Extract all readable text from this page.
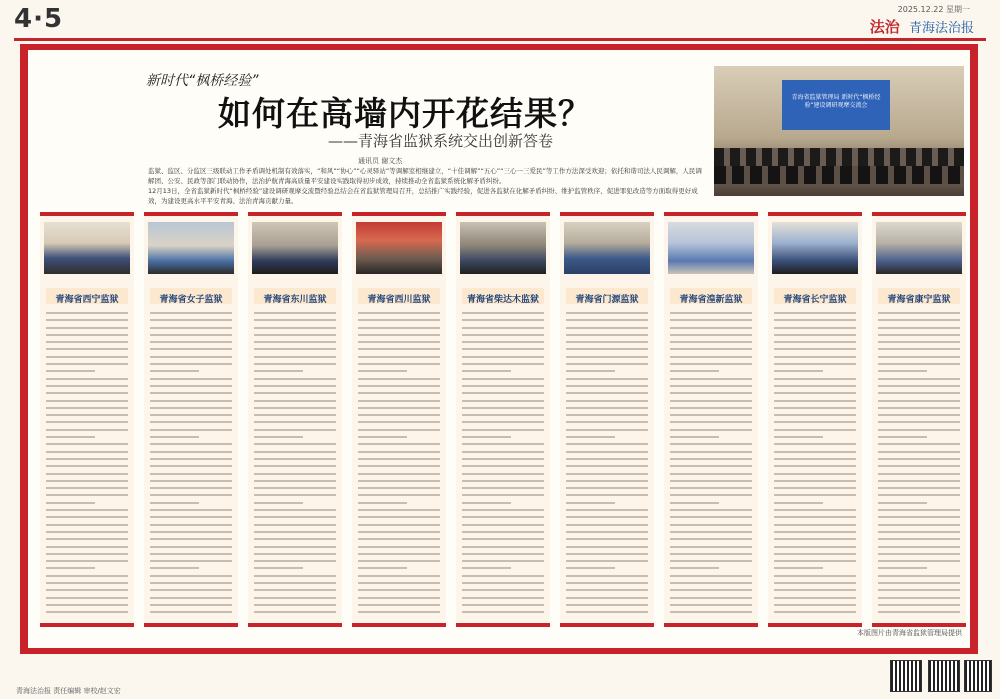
4·5	2025.12.22 星期一
法治 青海法治报
新时代“枫桥经验”
如何在高墙内开花结果？
——青海省监狱系统交出创新答卷
通讯员 谢文杰
监狱、监区、分监区三级联动工作矛盾调处机制有效落实，“和风”“协心”“心灵驿站”等调解室相继建立，“十佳调解”“五心”“三心一三爱民”等工作方法深受欢迎；依托和谐司法人民调解，人民调解团、公安、民政等部门联动协作，法治护航青海高质量平安建设实践取得初步成效，持续推动全省监狱系统化解矛盾纠纷。
12月13日，全省监狱新时代“枫桥经验”建设调研观摩交流暨经验总结会在省监狱管理局召开，总结推广实践经验，促进各监狱在化解矛盾纠纷、维护监管秩序、促进罪犯改造等方面取得更好成效，为建设更高水平平安青海、法治青海贡献力量。
青海省监狱管理局 新时代“枫桥经验”建设调研观摩交流会
青海省西宁监狱	青海省女子监狱	青海省东川监狱	青海省西川监狱	青海省柴达木监狱	青海省门源监狱	青海省湟新监狱	青海省长宁监狱	青海省康宁监狱
本版图片由青海省监狱管理局提供
青海法治报 责任编辑 审校/赵文宏
